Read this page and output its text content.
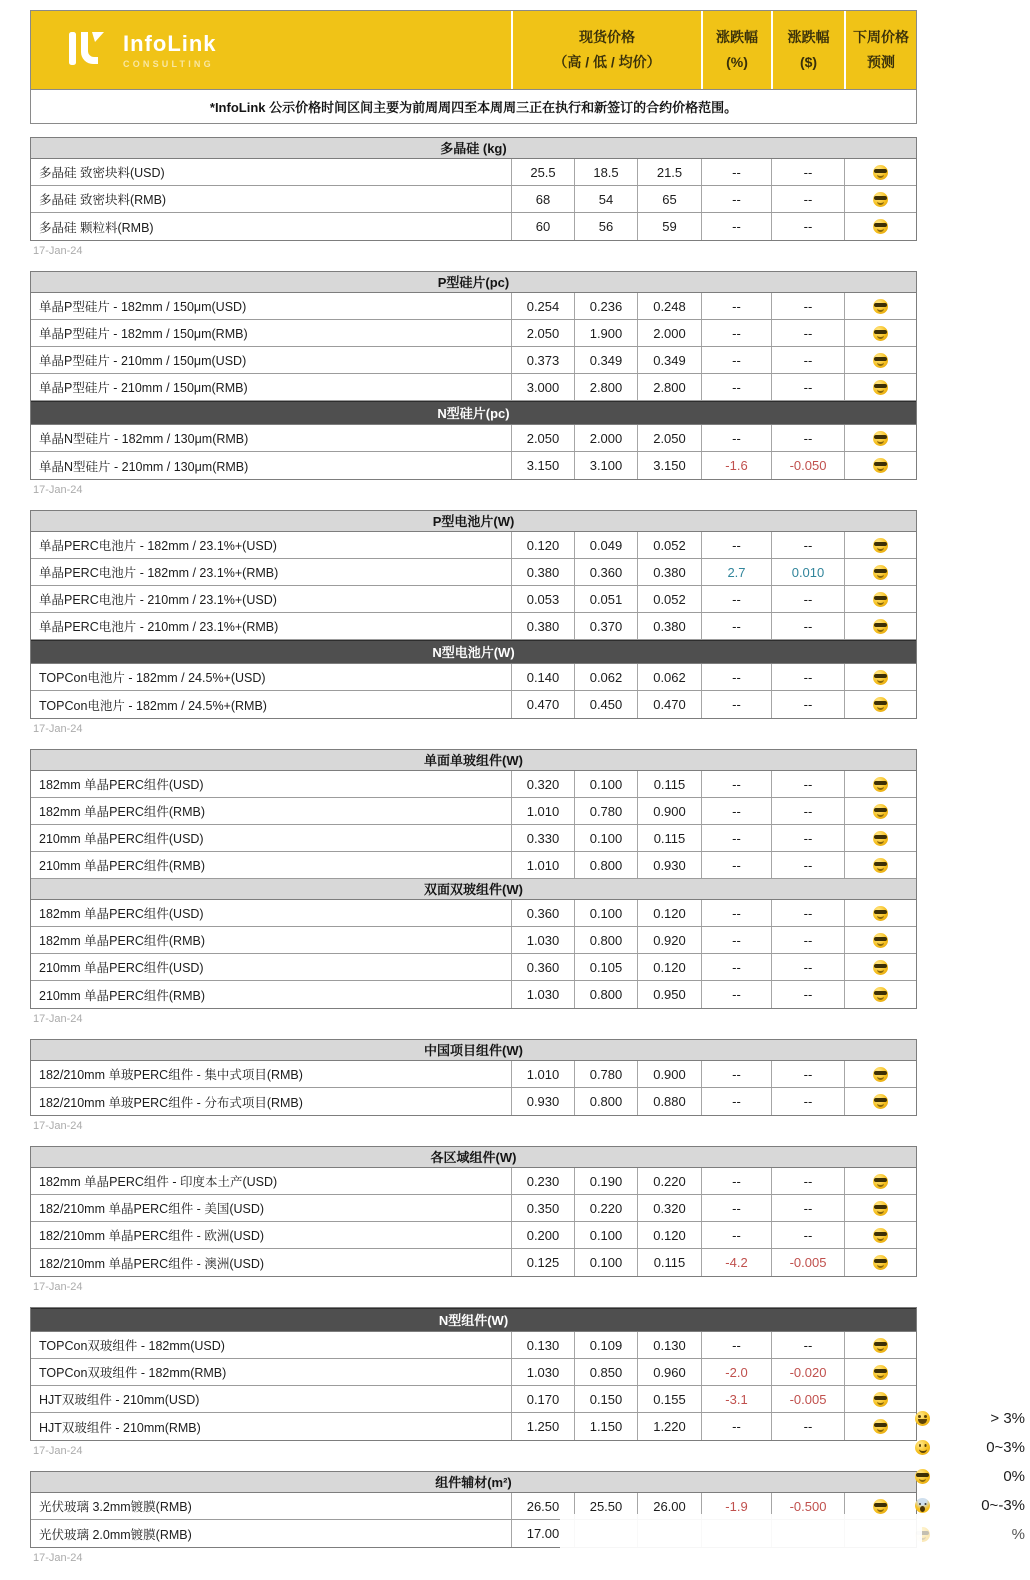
InfoLink
CONSULTING
现货价格
（高 / 低 / 均价）
涨跌幅
(%)
涨跌幅
($)
下周价格
预测
*InfoLink 公示价格时间区间主要为前周周四至本周周三正在执行和新签订的合约价格范围。
多晶硅 (kg)
多晶硅 致密块料(USD)	25.5	18.5	21.5	--	--
多晶硅 致密块料(RMB)	68	54	65	--	--
多晶硅 颗粒料(RMB)	60	56	59	--	--
17-Jan-24
P型硅片(pc)
单晶P型硅片 - 182mm / 150μm(USD)	0.254	0.236	0.248	--	--
单晶P型硅片 - 182mm / 150μm(RMB)	2.050	1.900	2.000	--	--
单晶P型硅片 - 210mm / 150μm(USD)	0.373	0.349	0.349	--	--
单晶P型硅片 - 210mm / 150μm(RMB)	3.000	2.800	2.800	--	--
N型硅片(pc)
单晶N型硅片 - 182mm / 130μm(RMB)	2.050	2.000	2.050	--	--
单晶N型硅片 - 210mm / 130μm(RMB)	3.150	3.100	3.150	-1.6	-0.050
17-Jan-24
P型电池片(W)
单晶PERC电池片 - 182mm / 23.1%+(USD)	0.120	0.049	0.052	--	--
单晶PERC电池片 - 182mm / 23.1%+(RMB)	0.380	0.360	0.380	2.7	0.010
单晶PERC电池片 - 210mm / 23.1%+(USD)	0.053	0.051	0.052	--	--
单晶PERC电池片 - 210mm / 23.1%+(RMB)	0.380	0.370	0.380	--	--
N型电池片(W)
TOPCon电池片 - 182mm / 24.5%+(USD)	0.140	0.062	0.062	--	--
TOPCon电池片 - 182mm / 24.5%+(RMB)	0.470	0.450	0.470	--	--
17-Jan-24
单面单玻组件(W)
182mm 单晶PERC组件(USD)	0.320	0.100	0.115	--	--
182mm 单晶PERC组件(RMB)	1.010	0.780	0.900	--	--
210mm 单晶PERC组件(USD)	0.330	0.100	0.115	--	--
210mm 单晶PERC组件(RMB)	1.010	0.800	0.930	--	--
双面双玻组件(W)
182mm 单晶PERC组件(USD)	0.360	0.100	0.120	--	--
182mm 单晶PERC组件(RMB)	1.030	0.800	0.920	--	--
210mm 单晶PERC组件(USD)	0.360	0.105	0.120	--	--
210mm 单晶PERC组件(RMB)	1.030	0.800	0.950	--	--
17-Jan-24
中国项目组件(W)
182/210mm 单玻PERC组件 - 集中式项目(RMB)	1.010	0.780	0.900	--	--
182/210mm 单玻PERC组件 - 分布式项目(RMB)	0.930	0.800	0.880	--	--
17-Jan-24
各区域组件(W)
182mm 单晶PERC组件 - 印度本土产(USD)	0.230	0.190	0.220	--	--
182/210mm 单晶PERC组件 - 美国(USD)	0.350	0.220	0.320	--	--
182/210mm 单晶PERC组件 - 欧洲(USD)	0.200	0.100	0.120	--	--
182/210mm 单晶PERC组件 - 澳洲(USD)	0.125	0.100	0.115	-4.2	-0.005
17-Jan-24
N型组件(W)
TOPCon双玻组件 - 182mm(USD)	0.130	0.109	0.130	--	--
TOPCon双玻组件 - 182mm(RMB)	1.030	0.850	0.960	-2.0	-0.020
HJT双玻组件 - 210mm(USD)	0.170	0.150	0.155	-3.1	-0.005
HJT双玻组件 - 210mm(RMB)	1.250	1.150	1.220	--	--
17-Jan-24
组件辅材(m²)
光伏玻璃 3.2mm镀膜(RMB)	26.50	25.50	26.00	-1.9	-0.500
光伏玻璃 2.0mm镀膜(RMB)	17.00
17-Jan-24
> 3%
0~3%
0%
0~-3%
%
